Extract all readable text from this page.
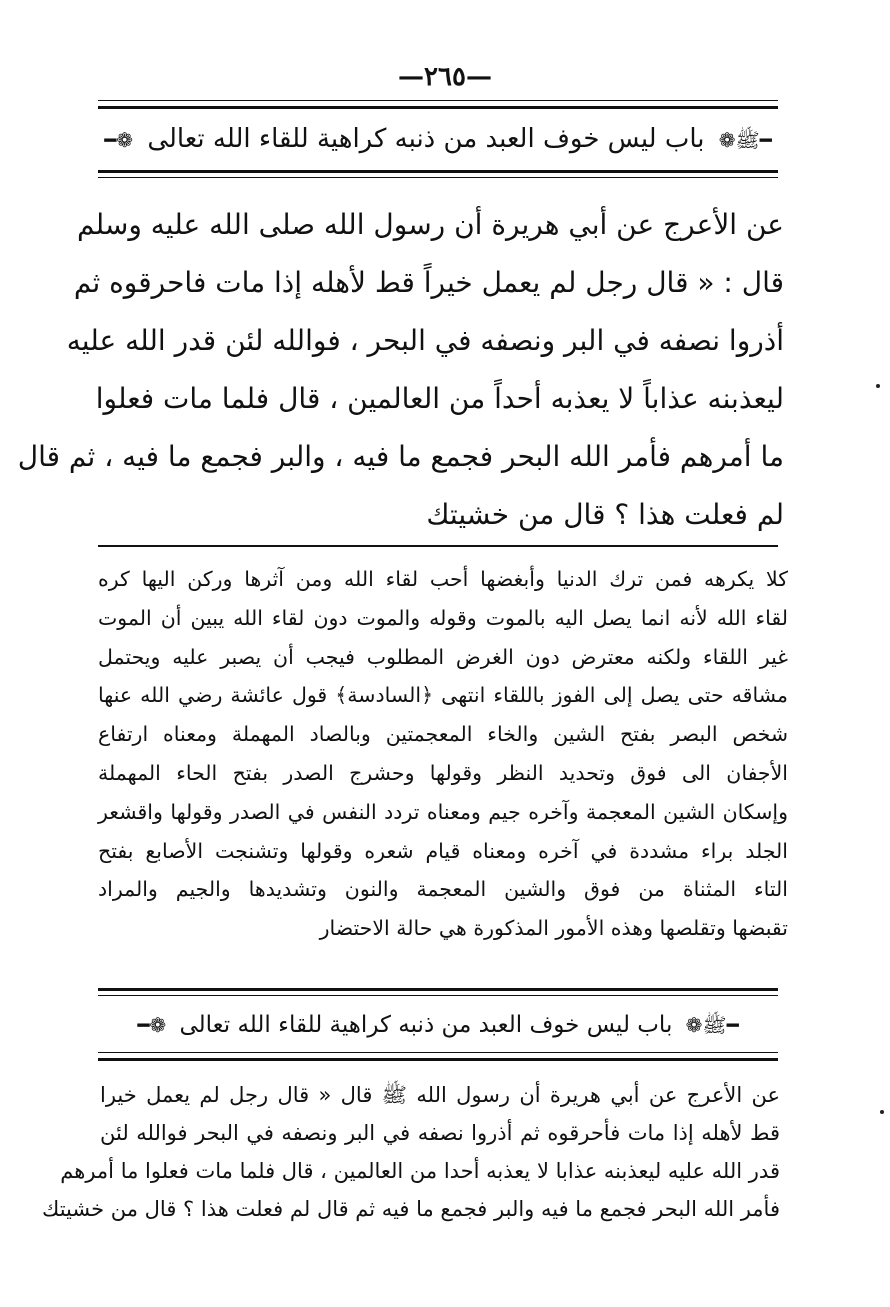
—٢٦٥—
━ﷺ❁ باب ليس خوف العبد من ذنبه كراهية للقاء الله تعالى ❁━
عن الأعرج عن أبي هريرة أن رسول الله صلى الله عليه وسلم
قال : « قال رجل لم يعمل خيراً قط لأهله إذا مات فاحرقوه ثم
أذروا نصفه في البر ونصفه في البحر ، فوالله لئن قدر الله عليه
ليعذبنه عذاباً لا يعذبه أحداً من العالمين ، قال فلما مات فعلوا
ما أمرهم فأمر الله البحر فجمع ما فيه ، والبر فجمع ما فيه ، ثم قال
لم فعلت هذا ؟ قال من خشيتك
كلا يكرهه فمن ترك الدنيا وأبغضها أحب لقاء الله ومن آثرها وركن اليها كره
لقاء الله لأنه انما يصل اليه بالموت وقوله والموت دون لقاء الله يبين أن الموت
غير اللقاء ولكنه معترض دون الغرض المطلوب فيجب أن يصبر عليه ويحتمل
مشاقه حتى يصل إلى الفوز باللقاء انتهى ﴿السادسة﴾ قول عائشة رضي الله عنها
شخص البصر بفتح الشين والخاء المعجمتين وبالصاد المهملة ومعناه ارتفاع
الأجفان الى فوق وتحديد النظر وقولها وحشرج الصدر بفتح الحاء المهملة
وإسكان الشين المعجمة وآخره جيم ومعناه تردد النفس في الصدر وقولها واقشعر
الجلد براء مشددة في آخره ومعناه قيام شعره وقولها وتشنجت الأصابع بفتح
التاء المثناة من فوق والشين المعجمة والنون وتشديدها والجيم والمراد
تقبضها وتقلصها وهذه الأمور المذكورة هي حالة الاحتضار
━ﷺ❁ باب ليس خوف العبد من ذنبه كراهية للقاء الله تعالى ❁━
عن الأعرج عن أبي هريرة أن رسول الله ﷺ قال « قال رجل لم يعمل خيرا
قط لأهله إذا مات فأحرقوه ثم أذروا نصفه في البر ونصفه في البحر فوالله لئن
قدر الله عليه ليعذبنه عذابا لا يعذبه أحدا من العالمين ، قال فلما مات فعلوا ما أمرهم
فأمر الله البحر فجمع ما فيه والبر فجمع ما فيه ثم قال لم فعلت هذا ؟ قال من خشيتك
